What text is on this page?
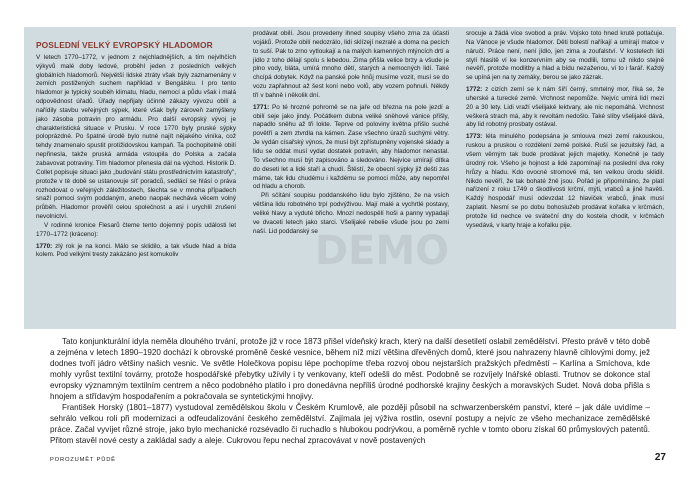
POSLEDNÍ VELKÝ EVROPSKÝ HLADOMOR

V letech 1770–1772, v jednom z nejchladnějších, a tím nejvlhčích výkyvů malé doby ledové, proběhl jeden z posledních velkých globálních hladomorů. Největší lidské ztráty však byly zaznamenány v zemích postižených suchem například v Bengálsku. I pro tento hladomor je typický souběh klimatu, hladu, nemocí a půdu však i malá odpovědnost úřadů. Úřady nepřijaly účinně zákazy vývozu obilí a nařídily stavbu veřejných sýpek, které však byly zároveň zamýšleny jako zásoba potravin pro armádu. Pro další evropský vývoj je charakteristická situace v Prusku. V roce 1770 byly pruské sýpky poloprázdné. Po špatné úrodě bylo nutné najít nějakého viníka, což tehdy znamenalo spustit protižidovskou kampaň. Ta pochopitelně obilí nepřinesla, takže pruská armáda vstoupila do Polska a začala zabavovat potraviny. Tím hladomor přenesla dál na východ. Historik D. Collet popisuje situaci jako „budování státu prostřednictvím katastrofy", protože v tě době se ustanovuje síť poradců, sedlácí se hlásí o práva rozhodovat o veřejných záležitostech, šlechta se v mnoha případech snaží pomoci svým poddaným, anebo naopak nechává věcem volný průběh. Hladomor prověřil celou společnost a asi i urychlil zrušení nevolnictví.

V rodinné kronice Flesarů čteme tento dojemný popis události let 1770–1772 (kráceno):

1770: zlý rok je na konci. Málo se sklidilo, a tak všude hlad a bída kolem. Pod velkými tresty zakázáno jest komukoliv

prodávat obilí. Jsou provedeny ihned soupisy všeho zrna za účasti vojáků. Protože obilí nedozrálo, lidi sklízejí nezralé a doma na pecích to suší. Pak to zrno vytloukají a na malých kamenných mlýncích drtí a jídlo z toho dělají spolu s lebedou. Zima přišla velice brzy a všude je plno vody, bláta, umírá mnoho dětí, starých a nemocných lidí. Také chcípá dobytek. Když na panské pole hnůj musíme vozit, musí se do vozu zapřahnout až šest koní nebo volů, aby vozem pohnuli. Někdy tří v bahně i několik dní.

1771: Po té hrozné pohromě se na jaře od března na pole jezdí a obilí seje jako jindy. Počátkem dubna veliké sněhové vánice přišly, napadlo sněhu až tři lokte. Teprve od poloviny května přišlo suché povětří a zem ztvrdla na kámen. Zase všechno úrazů suchými větry. Je vydán císařský výnos, že musí být zpřístupněny vojenské sklady a lidu se oddat musí vydat dostatek potravin, aby hladomor nenastal. To všechno musí být zapisováno a sledováno. Nejvíce umírají dítka do deseti let a lidé staří a chudí. Štěstí, že obecní sýpky již dešti zas máme, tak lidu chudému i každému se pomoci může, aby nepomřel od hladu a chorob.

Při sčítání soupisu poddanského lidu bylo zjištěno, že na vsích většina lidu robotného trpí podvýživou. Mají malé a vychrtlé postavy, veliké hlavy a vyduté břicho. Mnozí nedospělí hoši a panny vypadají ve dvaceti letech jako starci. Všelijaké rebelie všude jsou po zemi naší. Lid poddanský se

srocuje a žádá více svobod a práv. Vojsko toto hned krutě potlačuje. Na Vánoce je všude hladomor. Děti bolestí naříkají a umírají matce v náručí. Práce není, není jídlo, jen zima a zoufalství. V kostelech lidi stylí hlasitě ví ke konzervním aby se modlili, tomu už nikdo stejně nevěří, protože modlitby a hlad a bídu nezaženou, ví to i farář. Každý se upíná jen na ty zemáky, berou se jako zázrak.

1772: z cizích zemí se k nám šíří černý, smrtelný mor, říká se, že uherské a turecké země. Vrchnost nepomůže. Nejvíc umírá lidí mezi 20 a 30 lety. Lidi vraží všelijaké lektvary, ale nic nepomáhá. Vrchnost veškerá strach má, aby k revoltám nedošlo. Také slíby všelijaké dává, aby lid robotný prosbaty ostával.

1773: léta minulého podepsána je smlouva mezi zemí rakouskou, ruskou a pruskou o rozdělení země polské. Ruší se jezuitský řád, a všem věrným tak bude prodávat jejich majetky. Konečně je tady úrodný rok. Všeho je hojnost a lidé zapomínají na poslední dva roky hrůzy a hladu. Kdo ovocné stromové má, ten velkou úrodu sklidil. Nikdo nevěří, že tak bohaté žně jsou. Pořád je připomínáno, že platí nařízení z roku 1749 o škodlivosti krčmí, mýti, vrabců a jiné havěti. Každý hospodář musí odevzdat 12 hlaviček vrabců, jinak musí zaplatit. Nesmí se po dobu bohoslužeb prodávat kořalka v krčmách, protože lid nechce ve sváteční dny do kostela chodit, v krčmách vysedává, v karty hraje a kořalku pije.

Tato konjunkturální idyla neměla dlouhého trvání, protože již v roce 1873 přišel vídeňský krach, který na další desetiletí oslabil zemědělství. Přesto právě v této době a zejména v letech 1890–1920 dochází k obrovské proměně české vesnice, během níž mizí většina dřevěných domů, které jsou nahrazeny hlavně cihlovými domy, jež dodnes tvoří jádro většiny našich vesnic. Ve světle Holečkova popisu lépe pochopíme třeba rozvoj obou nejstarších pražských předměstí – Karlína a Smíchova, kde mohly vyrůst textilní továrny, protože hospodářské přebytky užívily i ty venkovany, kteří odešli do měst. Podobně se rozvíjely lnářské oblasti. Trutnov se dokonce stal evropsky významným textilním centrem a něco podobného platilo i pro donedávna nepříliš úrodné podhorské krajiny českých a moravských Sudet. Nová doba přišla s hnojem a střídavým hospodařením a pokračovala se syntetickými hnojivy.

František Horský (1801–1877) vystudoval zemědělskou školu v Českém Krumlově, ale později působil na schwarzenberském panství, které – jak dále uvidíme – sehrálo velkou roli při modernizaci a odfeudalizování českého zemědělství. Zajímala jej výživa rostlin, osevní postupy a nejvíc ze všeho mechanizace zemědělské práce. Začal vyvíjet různé stroje, jako bylo mechanické rozsévadlo či ruchadlo s hlubokou podrývkou, a poměrně rychle v tomto oboru získal 60 průmyslových patentů. Přitom stavěl nové cesty a zakládal sady a aleje. Cukrovou řepu nechal zpracovávat v nově postavených

POROZUMĚT PŮDĚ	27
